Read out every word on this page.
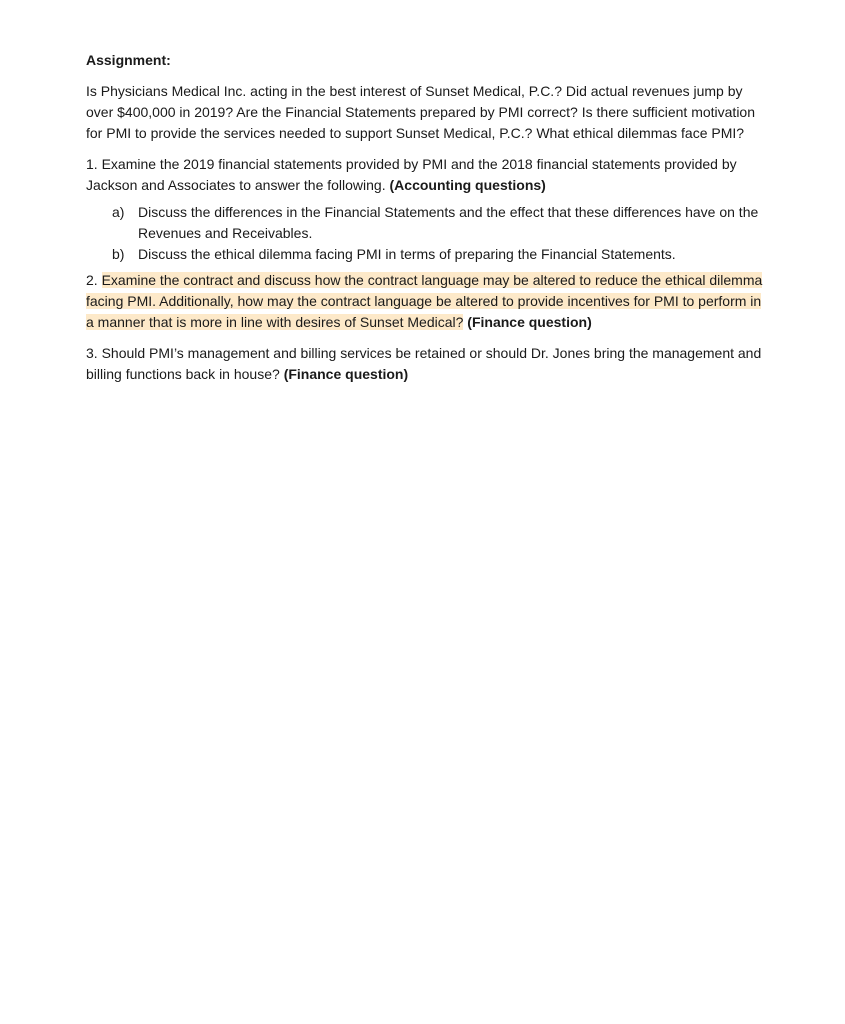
Assignment:

Is Physicians Medical Inc. acting in the best interest of Sunset Medical, P.C.? Did actual revenues jump by over $400,000 in 2019? Are the Financial Statements prepared by PMI correct? Is there sufficient motivation for PMI to provide the services needed to support Sunset Medical, P.C.? What ethical dilemmas face PMI?

1. Examine the 2019 financial statements provided by PMI and the 2018 financial statements provided by Jackson and Associates to answer the following. (Accounting questions)

a) Discuss the differences in the Financial Statements and the effect that these differences have on the Revenues and Receivables.
b) Discuss the ethical dilemma facing PMI in terms of preparing the Financial Statements.

2. Examine the contract and discuss how the contract language may be altered to reduce the ethical dilemma facing PMI. Additionally, how may the contract language be altered to provide incentives for PMI to perform in a manner that is more in line with desires of Sunset Medical? (Finance question)

3. Should PMI’s management and billing services be retained or should Dr. Jones bring the management and billing functions back in house? (Finance question)
